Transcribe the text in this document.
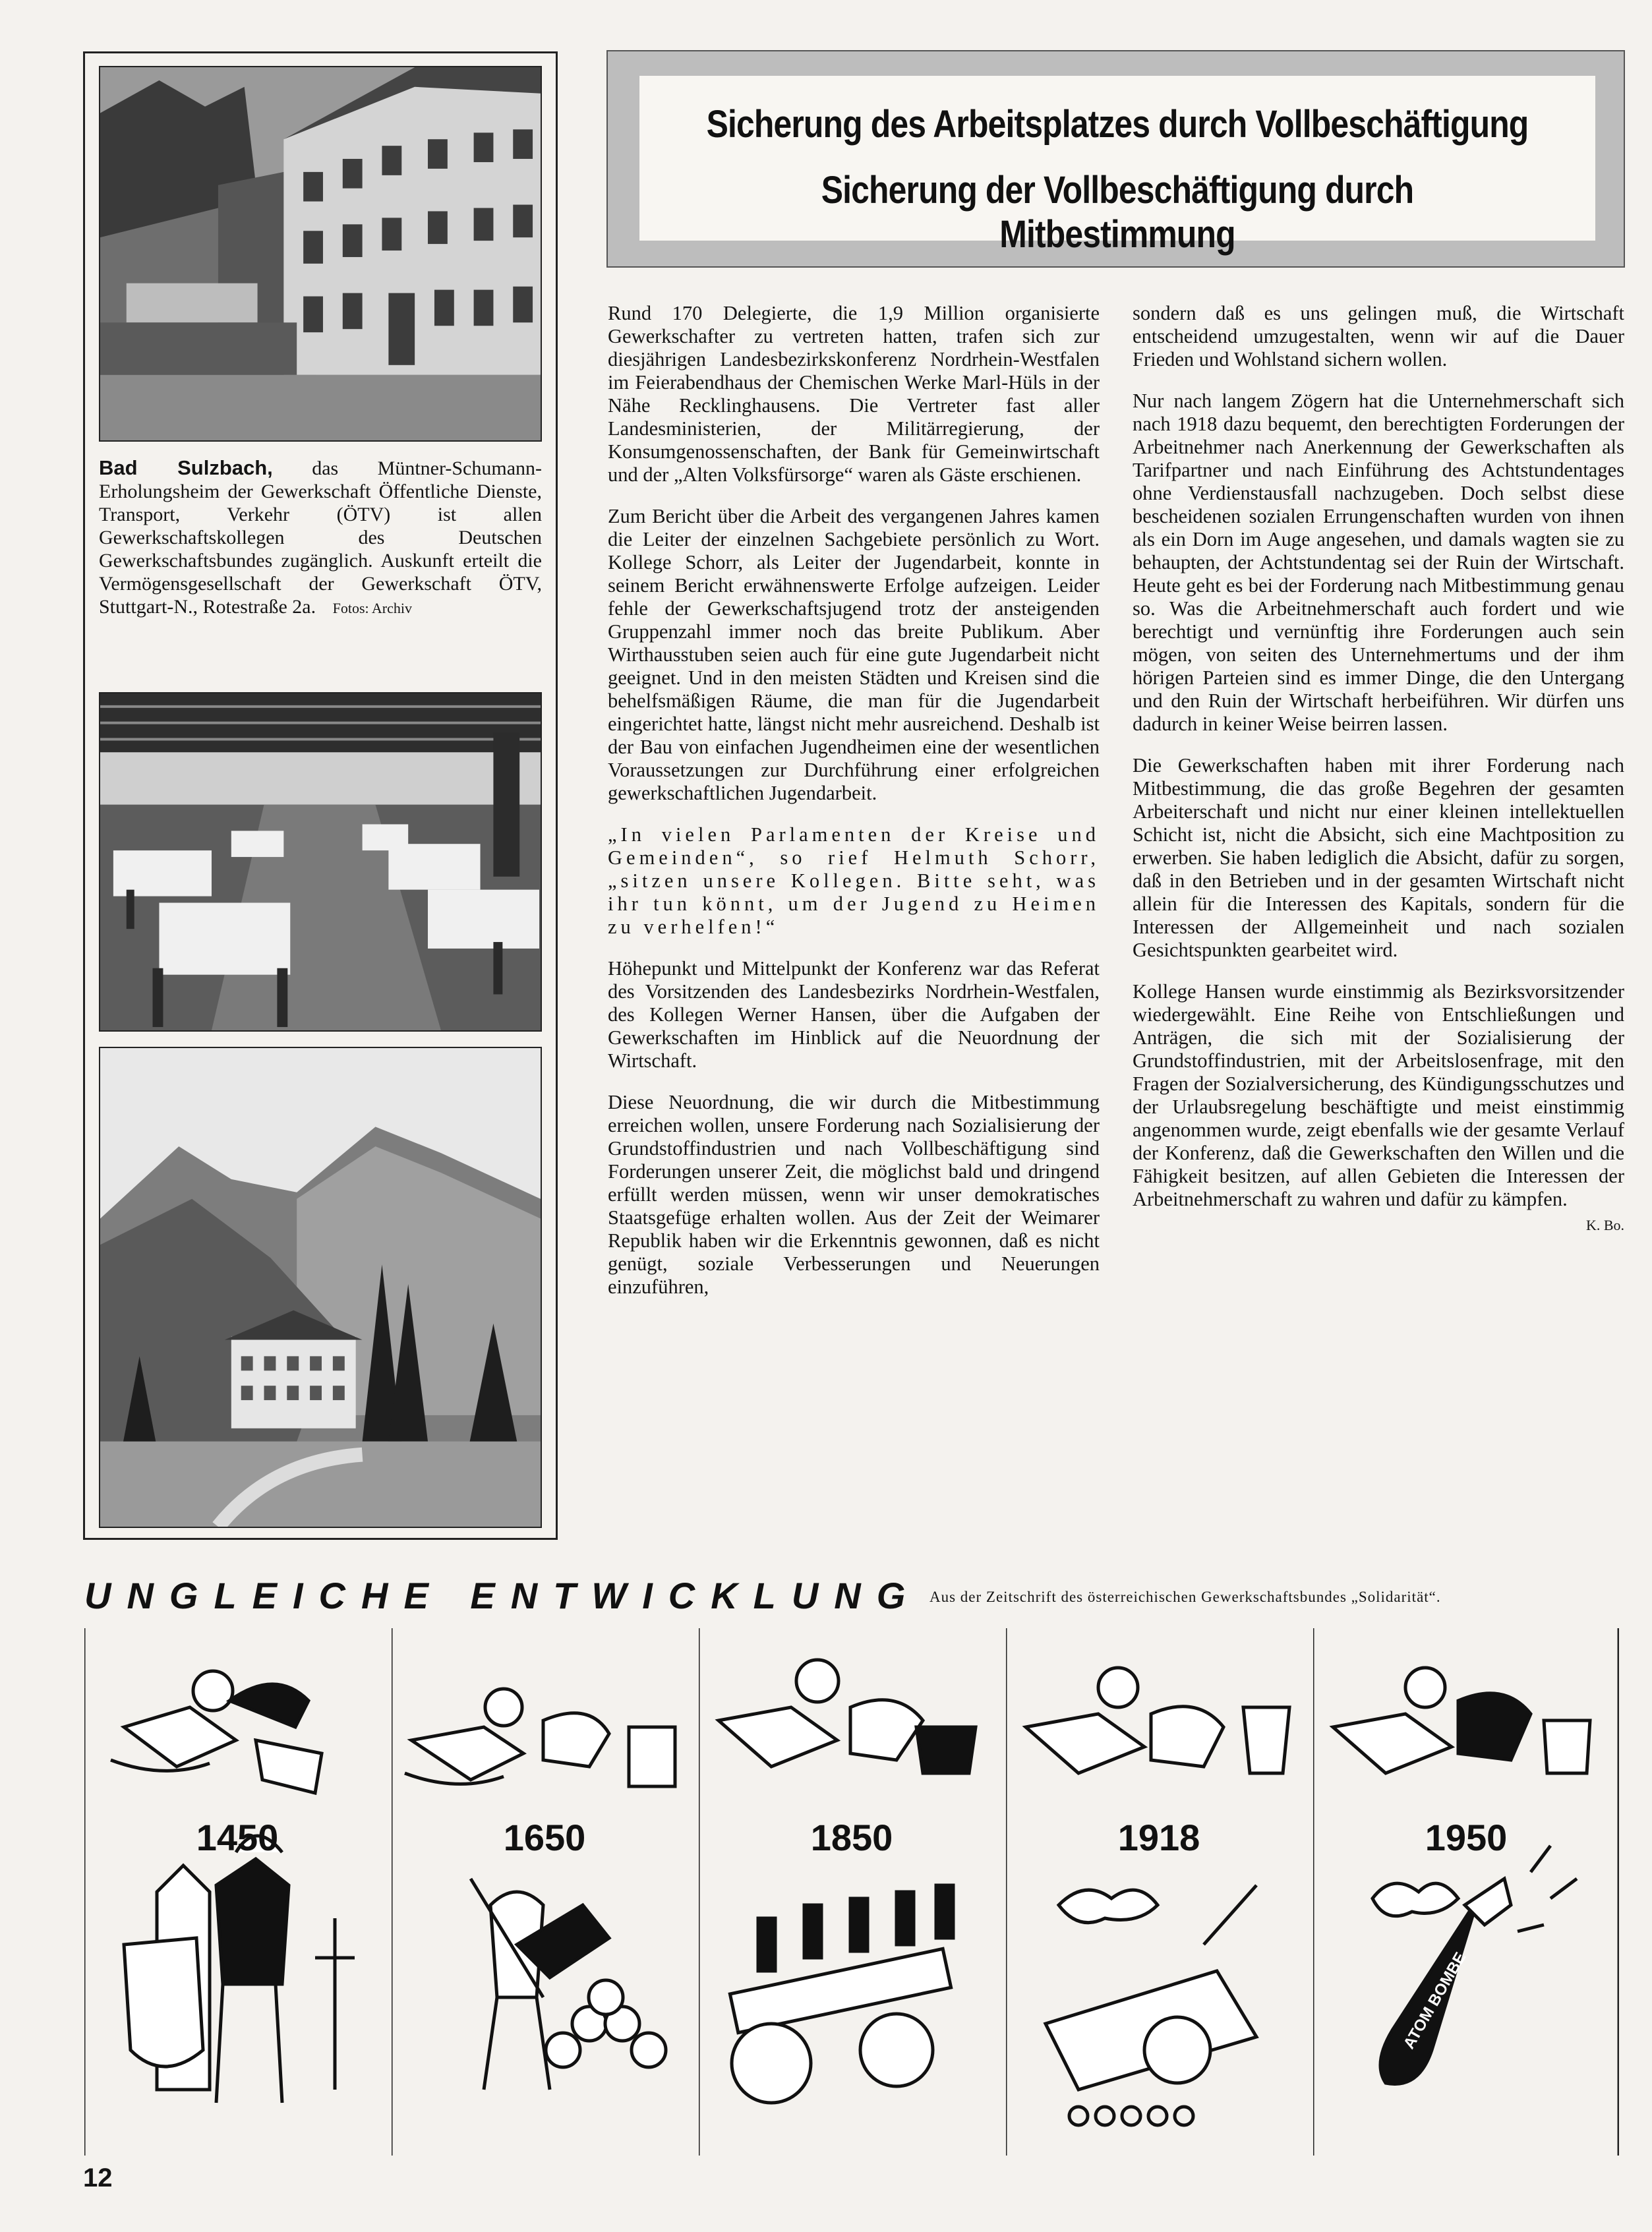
Bad Sulzbach, das Müntner-Schumann-Erholungsheim der Gewerkschaft Öffentliche Dienste, Transport, Verkehr (ÖTV) ist allen Gewerkschaftskollegen des Deutschen Gewerkschaftsbundes zugänglich. Auskunft erteilt die Vermögensgesellschaft der Gewerkschaft ÖTV, Stuttgart-N., Rotestraße 2a. Fotos: Archiv
Sicherung des Arbeitsplatzes durch Vollbeschäftigung
Sicherung der Vollbeschäftigung durch Mitbestimmung

Rund 170 Delegierte, die 1,9 Million organisierte Gewerkschafter zu vertreten hatten, trafen sich zur diesjährigen Landesbezirkskonferenz Nordrhein-Westfalen im Feierabendhaus der Chemischen Werke Marl-Hüls in der Nähe Recklinghausens. Die Vertreter fast aller Landesministerien, der Militärregierung, der Konsumgenossenschaften, der Bank für Gemeinwirtschaft und der „Alten Volksfürsorge“ waren als Gäste erschienen.

Zum Bericht über die Arbeit des vergangenen Jahres kamen die Leiter der einzelnen Sachgebiete persönlich zu Wort. Kollege Schorr, als Leiter der Jugendarbeit, konnte in seinem Bericht erwähnenswerte Erfolge aufzeigen. Leider fehle der Gewerkschaftsjugend trotz der ansteigenden Gruppenzahl immer noch das breite Publikum. Aber Wirthausstuben seien auch für eine gute Jugendarbeit nicht geeignet. Und in den meisten Städten und Kreisen sind die behelfsmäßigen Räume, die man für die Jugendarbeit eingerichtet hatte, längst nicht mehr ausreichend. Deshalb ist der Bau von einfachen Jugendheimen eine der wesentlichen Voraussetzungen zur Durchführung einer erfolgreichen gewerkschaftlichen Jugendarbeit.

„In vielen Parlamenten der Kreise und Gemeinden“, so rief Helmuth Schorr, „sitzen unsere Kollegen. Bitte seht, was ihr tun könnt, um der Jugend zu Heimen zu verhelfen!“

Höhepunkt und Mittelpunkt der Konferenz war das Referat des Vorsitzenden des Landesbezirks Nordrhein-Westfalen, des Kollegen Werner Hansen, über die Aufgaben der Gewerkschaften im Hinblick auf die Neuordnung der Wirtschaft.

Diese Neuordnung, die wir durch die Mitbestimmung erreichen wollen, unsere Forderung nach Sozialisierung der Grundstoffindustrien und nach Vollbeschäftigung sind Forderungen unserer Zeit, die möglichst bald und dringend erfüllt werden müssen, wenn wir unser demokratisches Staatsgefüge erhalten wollen. Aus der Zeit der Weimarer Republik haben wir die Erkenntnis gewonnen, daß es nicht genügt, soziale Verbesserungen und Neuerungen einzuführen,

sondern daß es uns gelingen muß, die Wirtschaft entscheidend umzugestalten, wenn wir auf die Dauer Frieden und Wohlstand sichern wollen.

Nur nach langem Zögern hat die Unternehmerschaft sich nach 1918 dazu bequemt, den berechtigten Forderungen der Arbeitnehmer nach Anerkennung der Gewerkschaften als Tarifpartner und nach Einführung des Achtstundentages ohne Verdienstausfall nachzugeben. Doch selbst diese bescheidenen sozialen Errungenschaften wurden von ihnen als ein Dorn im Auge angesehen, und damals wagten sie zu behaupten, der Achtstundentag sei der Ruin der Wirtschaft. Heute geht es bei der Forderung nach Mitbestimmung genau so. Was die Arbeitnehmerschaft auch fordert und wie berechtigt und vernünftig ihre Forderungen auch sein mögen, von seiten des Unternehmertums und der ihm hörigen Parteien sind es immer Dinge, die den Untergang und den Ruin der Wirtschaft herbeiführen. Wir dürfen uns dadurch in keiner Weise beirren lassen.

Die Gewerkschaften haben mit ihrer Forderung nach Mitbestimmung, die das große Begehren der gesamten Arbeiterschaft und nicht nur einer kleinen intellektuellen Schicht ist, nicht die Absicht, sich eine Machtposition zu erwerben. Sie haben lediglich die Absicht, dafür zu sorgen, daß in den Betrieben und in der gesamten Wirtschaft nicht allein für die Interessen des Kapitals, sondern für die Interessen der Allgemeinheit und nach sozialen Gesichtspunkten gearbeitet wird.

Kollege Hansen wurde einstimmig als Bezirksvorsitzender wiedergewählt. Eine Reihe von Entschließungen und Anträgen, die sich mit der Sozialisierung der Grundstoffindustrien, mit der Arbeitslosenfrage, mit den Fragen der Sozialversicherung, des Kündigungsschutzes und der Urlaubsregelung beschäftigte und meist einstimmig angenommen wurde, zeigt ebenfalls wie der gesamte Verlauf der Konferenz, daß die Gewerkschaften den Willen und die Fähigkeit besitzen, auf allen Gebieten die Interessen der Arbeitnehmerschaft zu wahren und dafür zu kämpfen.

K. Bo.
UNGLEICHE ENTWICKLUNG Aus der Zeitschrift des österreichischen Gewerkschaftsbundes „Solidarität“.
1450	1650	1850	1918
ATOM BOMBE
1950
12
